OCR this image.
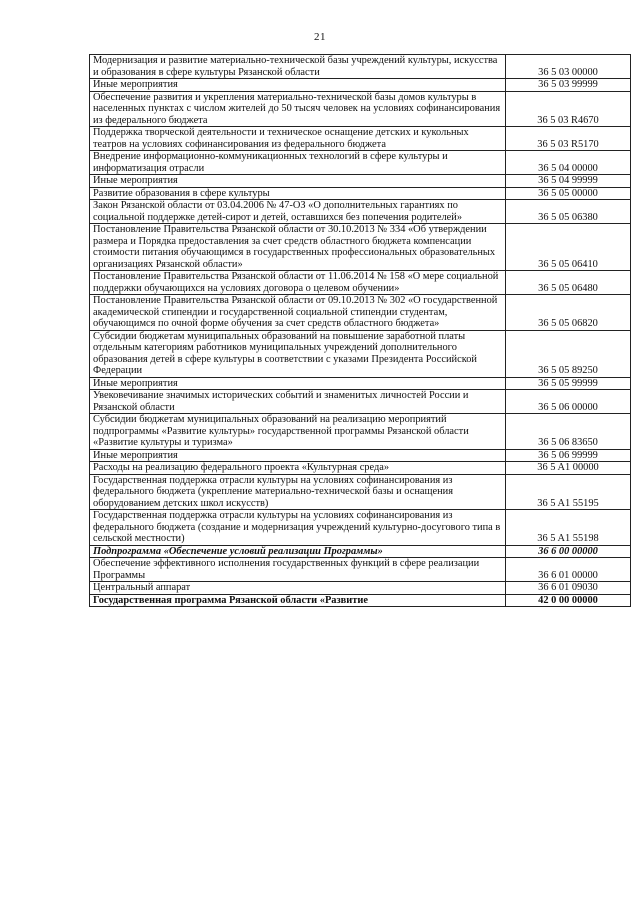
21
Модернизация и развитие материально-технической базы учреждений культуры, искусства и образования в сфере культуры Рязанской области	36 5 03 00000
Иные мероприятия	36 5 03 99999
Обеспечение развития и укрепления материально-технической базы домов культуры в населенных пунктах с числом жителей до 50 тысяч человек на условиях софинансирования из федерального бюджета	36 5 03 R4670
Поддержка творческой деятельности и техническое оснащение детских и кукольных театров на условиях софинансирования из федерального бюджета	36 5 03 R5170
Внедрение информационно-коммуникационных технологий в сфере культуры и информатизация отрасли	36 5 04 00000
Иные мероприятия	36 5 04 99999
Развитие образования в сфере культуры	36 5 05 00000
Закон Рязанской области от 03.04.2006 № 47-ОЗ «О дополнительных гарантиях по социальной поддержке детей-сирот и детей, оставшихся без попечения родителей»	36 5 05 06380
Постановление Правительства Рязанской области от 30.10.2013 № 334 «Об утверждении размера и Порядка предоставления за счет средств областного бюджета компенсации стоимости питания обучающимся в государственных профессиональных образовательных организациях Рязанской области»	36 5 05 06410
Постановление Правительства Рязанской области от 11.06.2014 № 158 «О мере социальной поддержки обучающихся на условиях договора о целевом обучении»	36 5 05 06480
Постановление Правительства Рязанской области от 09.10.2013 № 302 «О государственной академической стипендии и государственной социальной стипендии студентам, обучающимся по очной форме обучения за счет средств областного бюджета»	36 5 05 06820
Субсидии бюджетам муниципальных образований на повышение заработной платы отдельным категориям работников муниципальных учреждений дополнительного образования детей в сфере культуры в соответствии с указами Президента Российской Федерации	36 5 05 89250
Иные мероприятия	36 5 05 99999
Увековечивание значимых исторических событий и знаменитых личностей России и Рязанской области	36 5 06 00000
Субсидии бюджетам муниципальных образований на реализацию мероприятий подпрограммы «Развитие культуры» государственной программы Рязанской области «Развитие культуры и туризма»	36 5 06 83650
Иные мероприятия	36 5 06 99999
Расходы на реализацию федерального проекта «Культурная среда»	36 5 A1 00000
Государственная поддержка отрасли культуры на условиях софинансирования из федерального бюджета (укрепление материально-технической базы и оснащения оборудованием детских школ искусств)	36 5 A1 55195
Государственная поддержка отрасли культуры на условиях софинансирования из федерального бюджета (создание и модернизация учреждений культурно-досугового типа в сельской местности)	36 5 A1 55198
Подпрограмма «Обеспечение условий реализации Программы»	36 6 00 00000
Обеспечение эффективного исполнения государственных функций в сфере реализации Программы	36 6 01 00000
Центральный аппарат	36 6 01 09030
Государственная программа Рязанской области «Развитие	42 0 00 00000
